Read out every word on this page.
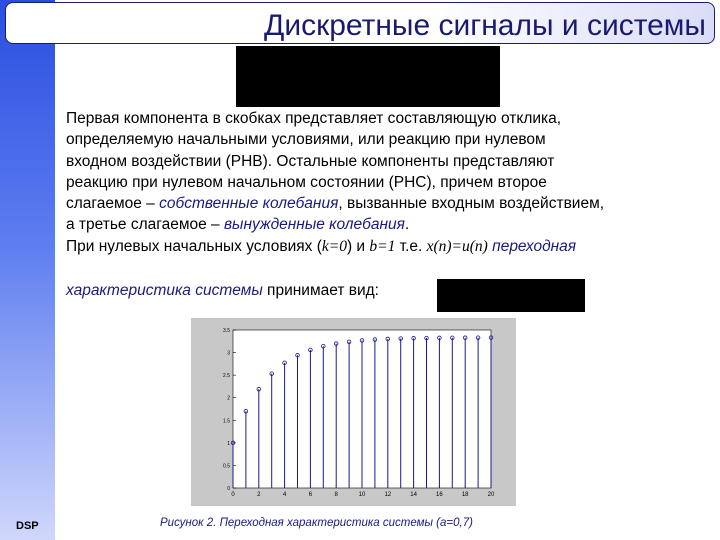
DSP
Дискретные сигналы и системы
Первая компонента в скобках представляет составляющую отклика,
определяемую начальными условиями, или реакцию при нулевом
входном воздействии (РНВ). Остальные компоненты представляют
реакцию при нулевом начальном состоянии (РНС), причем второе
слагаемое – собственные колебания, вызванные входным воздействием,
а третье слагаемое – вынужденные колебания.
При нулевых начальных условиях (k=0) и b=1 т.е. x(n)=u(n) переходная
характеристика системы принимает вид:
0
0.5
1
1.5
2
2.5
3
3.5
0	2	4	6	8	10	12	14	16	18	20
Рисунок 2. Переходная характеристика системы (a=0,7)
